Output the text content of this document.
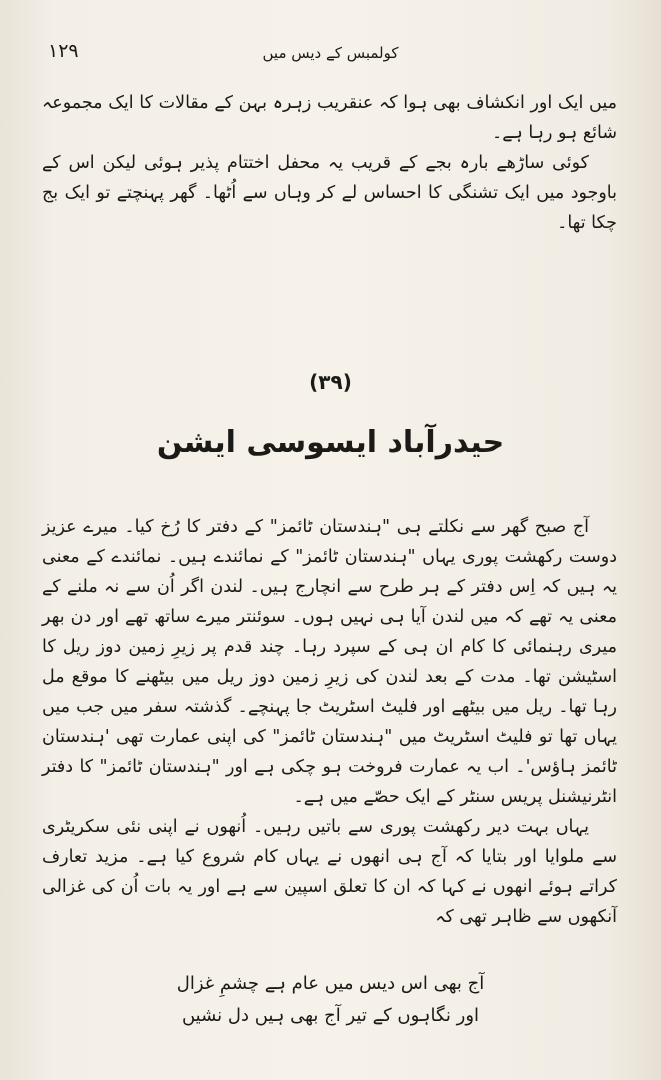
۱۲۹	کولمبس کے دیس میں

میں ایک اور انکشاف بھی ہوا کہ عنقریب زہرہ بہن کے مقالات کا ایک مجموعہ شائع ہو رہا ہے۔

کوئی ساڑھے بارہ بجے کے قریب یہ محفل اختتام پذیر ہوئی لیکن اس کے باوجود میں ایک تشنگی کا احساس لے کر وہاں سے اُٹھا۔ گھر پہنچتے تو ایک بج چکا تھا۔

(۳۹)
حیدرآباد ایسوسی ایشن

آج صبح گھر سے نکلتے ہی "ہندستان ٹائمز" کے دفتر کا رُخ کیا۔ میرے عزیز دوست رکھشت پوری یہاں "ہندستان ٹائمز" کے نمائندے ہیں۔ نمائندے کے معنی یہ ہیں کہ اِس دفتر کے ہر طرح سے انچارج ہیں۔ لندن اگر اُن سے نہ ملنے کے معنی یہ تھے کہ میں لندن آیا ہی نہیں ہوں۔ سوئنتر میرے ساتھ تھے اور دن بھر میری رہنمائی کا کام ان ہی کے سپرد رہا۔ چند قدم پر زیرِ زمین دوز ریل کا اسٹیشن تھا۔ مدت کے بعد لندن کی زیرِ زمین دوز ریل میں بیٹھنے کا موقع مل رہا تھا۔ ریل میں بیٹھے اور فلیٹ اسٹریٹ جا پہنچے۔ گذشتہ سفر میں جب میں یہاں تھا تو فلیٹ اسٹریٹ میں "ہندستان ٹائمز" کی اپنی عمارت تھی 'ہندستان ٹائمز ہاؤس'۔ اب یہ عمارت فروخت ہو چکی ہے اور "ہندستان ٹائمز" کا دفتر انٹرنیشنل پریس سنٹر کے ایک حصّے میں ہے۔

یہاں بہت دیر رکھشت پوری سے باتیں رہیں۔ اُنھوں نے اپنی نئی سکریٹری سے ملوایا اور بتایا کہ آج ہی انھوں نے یہاں کام شروع کیا ہے۔ مزید تعارف کراتے ہوئے انھوں نے کہا کہ ان کا تعلق اسپین سے ہے اور یہ بات اُن کی غزالی آنکھوں سے ظاہر تھی کہ

آج بھی اس دیس میں عام ہے چشمِ غزال
اور نگاہوں کے تیر آج بھی ہیں دل نشیں
